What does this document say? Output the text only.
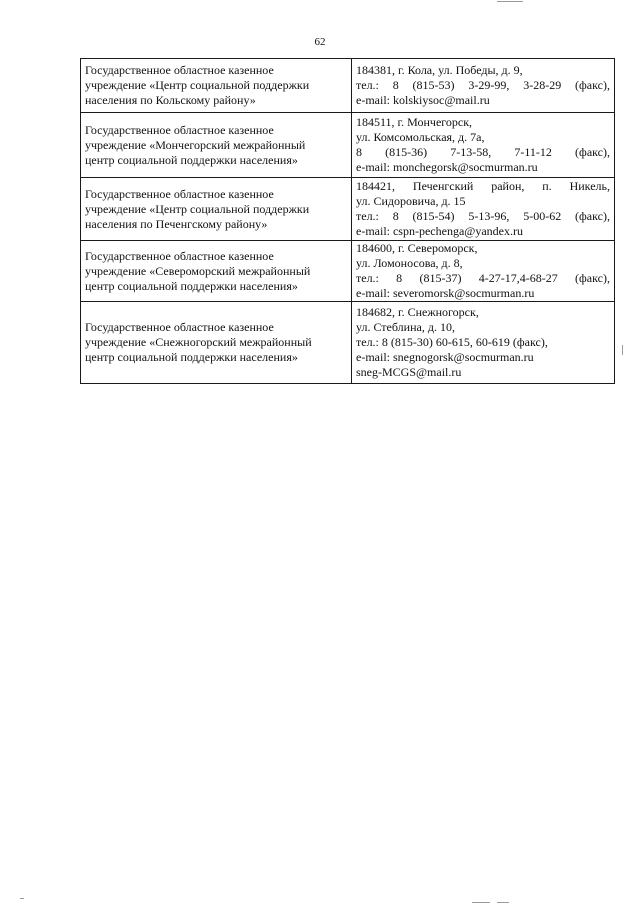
62
Государственное областное казенное
учреждение «Центр социальной поддержки
населения по Кольскому району»	184381, г. Кола, ул. Победы, д. 9,
тел.: 8 (815-53) 3-29-99, 3-28-29 (факс),
e-mail: kolskiysoc@mail.ru

Государственное областное казенное
учреждение «Мончегорский межрайонный
центр социальной поддержки населения»	184511, г. Мончегорск,
ул. Комсомольская, д. 7а,
8 (815-36) 7-13-58, 7-11-12 (факс),
e-mail: monchegorsk@socmurman.ru

Государственное областное казенное
учреждение «Центр социальной поддержки
населения по Печенгскому району»	184421, Печенгский район, п. Никель,
ул. Сидоровича, д. 15
тел.: 8 (815-54) 5-13-96, 5-00-62 (факс),
e-mail: cspn-pechenga@yandex.ru

Государственное областное казенное
учреждение «Североморский межрайонный
центр социальной поддержки населения»	184600, г. Североморск,
ул. Ломоносова, д. 8,
тел.: 8 (815-37) 4-27-17,4-68-27 (факс),
e-mail: severomorsk@socmurman.ru

Государственное областное казенное
учреждение «Снежногорский межрайонный
центр социальной поддержки населения»	184682, г. Снежногорск,
ул. Стеблина, д. 10,
тел.: 8 (815-30) 60-615, 60-619 (факс),
e-mail: snegnogorsk@socmurman.ru
sneg-MCGS@mail.ru
